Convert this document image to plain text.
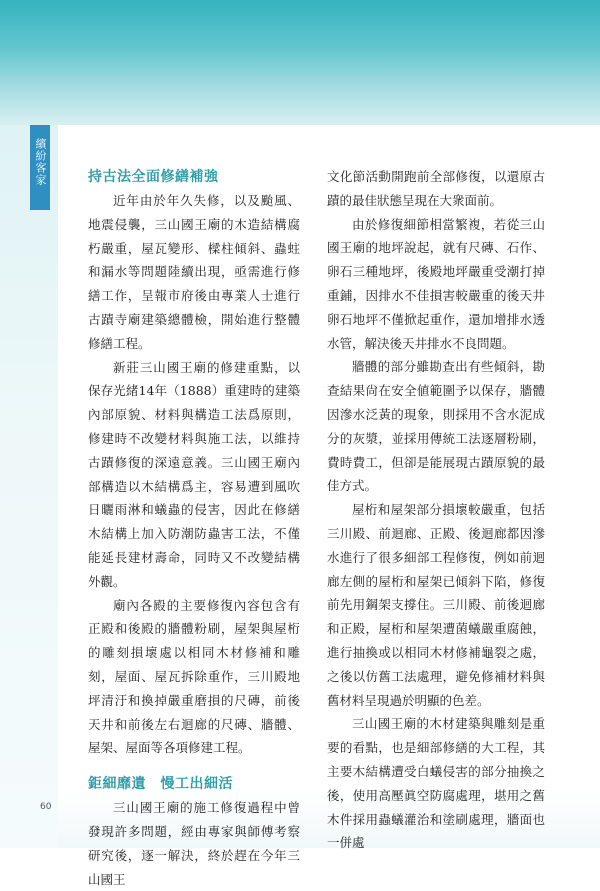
繽紛客家	持古法全面修繕補強

近年由於年久失修，以及颱風、地震侵襲，三山國王廟的木造結構腐朽嚴重，屋瓦變形、樑柱傾斜、蟲蛀和漏水等問題陸續出現，亟需進行修繕工作，呈報市府後由專業人士進行古蹟寺廟建築總體檢，開始進行整體修繕工程。

新莊三山國王廟的修建重點，以保存光緒14年（1888）重建時的建築內部原貌、材料與構造工法爲原則，修建時不改變材料與施工法，以維持古蹟修復的深遠意義。三山國王廟內部構造以木結構爲主，容易遭到風吹日曬雨淋和蟻蟲的侵害，因此在修繕木結構上加入防潮防蟲害工法，不僅能延長建材壽命，同時又不改變結構外觀。

廟內各殿的主要修復內容包含有正殿和後殿的牆體粉刷，屋架與屋桁的雕刻損壞處以相同木材修補和雕刻，屋面、屋瓦拆除重作，三川殿地坪清汙和換掉嚴重磨損的尺磚，前後天井和前後左右迴廊的尺磚、牆體、屋架、屋面等各項修建工程。

鉅細靡遺　慢工出細活

三山國王廟的施工修復過程中曾發現許多問題，經由專家與師傅考察研究後，逐一解決，終於趕在今年三山國王

文化節活動開跑前全部修復，以還原古蹟的最佳狀態呈現在大衆面前。

由於修復細節相當繁複，若從三山國王廟的地坪說起，就有尺磚、石作、卵石三種地坪，後殿地坪嚴重受潮打掉重鋪，因排水不佳損害較嚴重的後天井卵石地坪不僅掀起重作，還加增排水透水管，解決後天井排水不良問題。

牆體的部分雖勘查出有些傾斜，勘查結果尙在安全値範圍予以保存，牆體因滲水泛黃的現象，則採用不含水泥成分的灰漿，並採用傳統工法逐層粉刷，費時費工，但卻是能展現古蹟原貌的最佳方式。

屋桁和屋架部分損壞較嚴重，包括三川殿、前迴廊、正殿、後迴廊都因滲水進行了很多細部工程修復，例如前迴廊左側的屋桁和屋架已傾斜下陷，修復前先用鋼架支撐住。三川殿、前後迴廊和正殿，屋桁和屋架遭菌蟻嚴重腐蝕，進行抽換或以相同木材修補龜裂之處，之後以仿舊工法處理，避免修補材料與舊材料呈現過於明顯的色差。

三山國王廟的木材建築與雕刻是重要的看點，也是細部修繕的大工程，其主要木結構遭受白蟻侵害的部分抽換之後，使用高壓眞空防腐處理，堪用之舊木件採用蟲蟻灌治和塗刷處理，牆面也一併處

60
